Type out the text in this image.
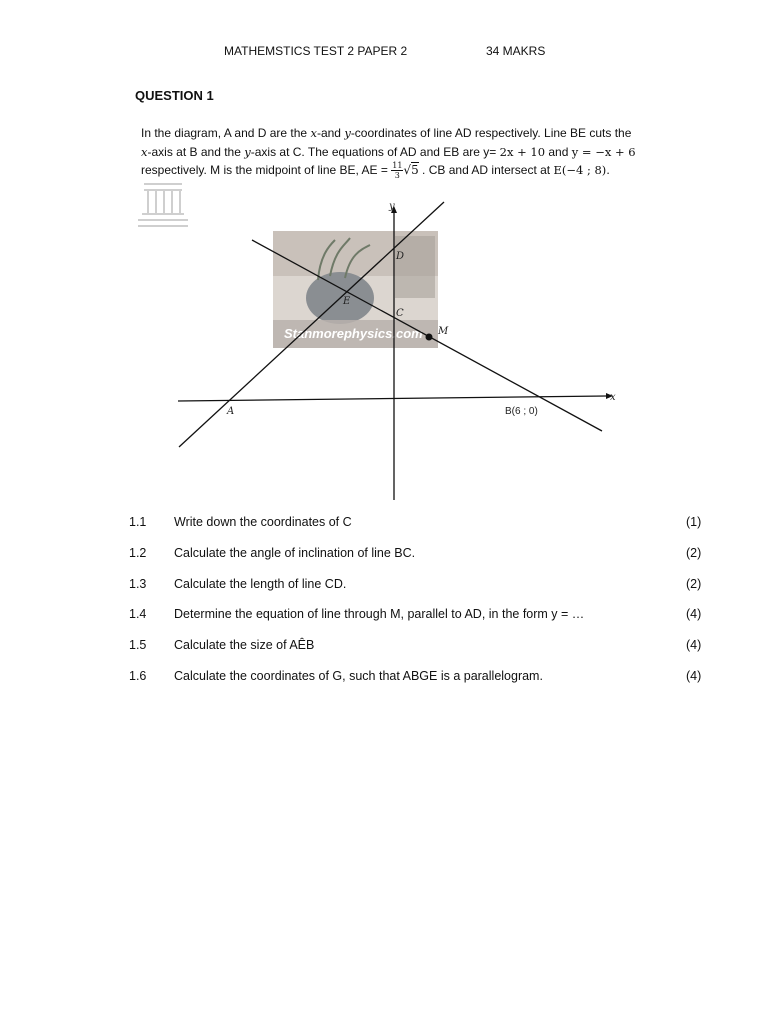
MATHEMSTICS TEST 2 PAPER 2	34 MAKRS
QUESTION 1
In the diagram, A and D are the x-and y-coordinates of line AD respectively. Line BE cuts the
x-axis at B and the y-axis at C. The equations of AD and EB are y= 2x + 10 and y = −x + 6
respectively. M is the midpoint of line BE, AE = $\frac{11}{3}√5$ . CB and AD intersect at E(−4 ; 8).
Stanmorephysics.com
y
x
D
E
C
M
A	B(6 ; 0)
1.1 Write down the coordinates of C	(1)
1.2 Calculate the angle of inclination of line BC.	(2)
1.3 Calculate the length of line CD.	(2)
1.4 Determine the equation of line through M, parallel to AD, in the form y = …	(4)
1.5 Calculate the size of AÊB	(4)
1.6 Calculate the coordinates of G, such that ABGE is a parallelogram.	(4)
